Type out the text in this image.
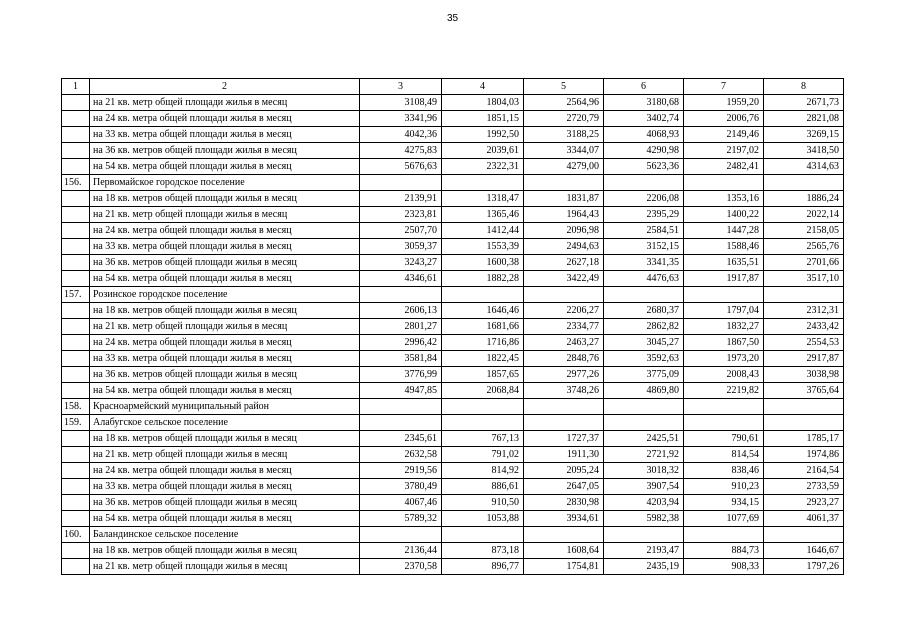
35
1	2	3	4	5	6	7	8
	на 21 кв. метр общей площади жилья в месяц	3108,49	1804,03	2564,96	3180,68	1959,20	2671,73
	на 24 кв. метра общей площади жилья в месяц	3341,96	1851,15	2720,79	3402,74	2006,76	2821,08
	на 33 кв. метра общей площади жилья в месяц	4042,36	1992,50	3188,25	4068,93	2149,46	3269,15
	на 36 кв. метров общей площади жилья в месяц	4275,83	2039,61	3344,07	4290,98	2197,02	3418,50
	на 54 кв. метра общей площади жилья в месяц	5676,63	2322,31	4279,00	5623,36	2482,41	4314,63
156.	Первомайское городское поселение						
	на 18 кв. метров общей площади жилья в месяц	2139,91	1318,47	1831,87	2206,08	1353,16	1886,24
	на 21 кв. метр общей площади жилья в месяц	2323,81	1365,46	1964,43	2395,29	1400,22	2022,14
	на 24 кв. метра общей площади жилья в месяц	2507,70	1412,44	2096,98	2584,51	1447,28	2158,05
	на 33 кв. метра общей площади жилья в месяц	3059,37	1553,39	2494,63	3152,15	1588,46	2565,76
	на 36 кв. метров общей площади жилья в месяц	3243,27	1600,38	2627,18	3341,35	1635,51	2701,66
	на 54 кв. метра общей площади жилья в месяц	4346,61	1882,28	3422,49	4476,63	1917,87	3517,10
157.	Розинское городское поселение						
	на 18 кв. метров общей площади жилья в месяц	2606,13	1646,46	2206,27	2680,37	1797,04	2312,31
	на 21 кв. метр общей площади жилья в месяц	2801,27	1681,66	2334,77	2862,82	1832,27	2433,42
	на 24 кв. метра общей площади жилья в месяц	2996,42	1716,86	2463,27	3045,27	1867,50	2554,53
	на 33 кв. метра общей площади жилья в месяц	3581,84	1822,45	2848,76	3592,63	1973,20	2917,87
	на 36 кв. метров общей площади жилья в месяц	3776,99	1857,65	2977,26	3775,09	2008,43	3038,98
	на 54 кв. метра общей площади жилья в месяц	4947,85	2068,84	3748,26	4869,80	2219,82	3765,64
158.	Красноармейский муниципальный район						
159.	Алабугское сельское поселение						
	на 18 кв. метров общей площади жилья в месяц	2345,61	767,13	1727,37	2425,51	790,61	1785,17
	на 21 кв. метр общей площади жилья в месяц	2632,58	791,02	1911,30	2721,92	814,54	1974,86
	на 24 кв. метра общей площади жилья в месяц	2919,56	814,92	2095,24	3018,32	838,46	2164,54
	на 33 кв. метра общей площади жилья в месяц	3780,49	886,61	2647,05	3907,54	910,23	2733,59
	на 36 кв. метров общей площади жилья в месяц	4067,46	910,50	2830,98	4203,94	934,15	2923,27
	на 54 кв. метра общей площади жилья в месяц	5789,32	1053,88	3934,61	5982,38	1077,69	4061,37
160.	Баландинское сельское поселение						
	на 18 кв. метров общей площади жилья в месяц	2136,44	873,18	1608,64	2193,47	884,73	1646,67
	на 21 кв. метр общей площади жилья в месяц	2370,58	896,77	1754,81	2435,19	908,33	1797,26
